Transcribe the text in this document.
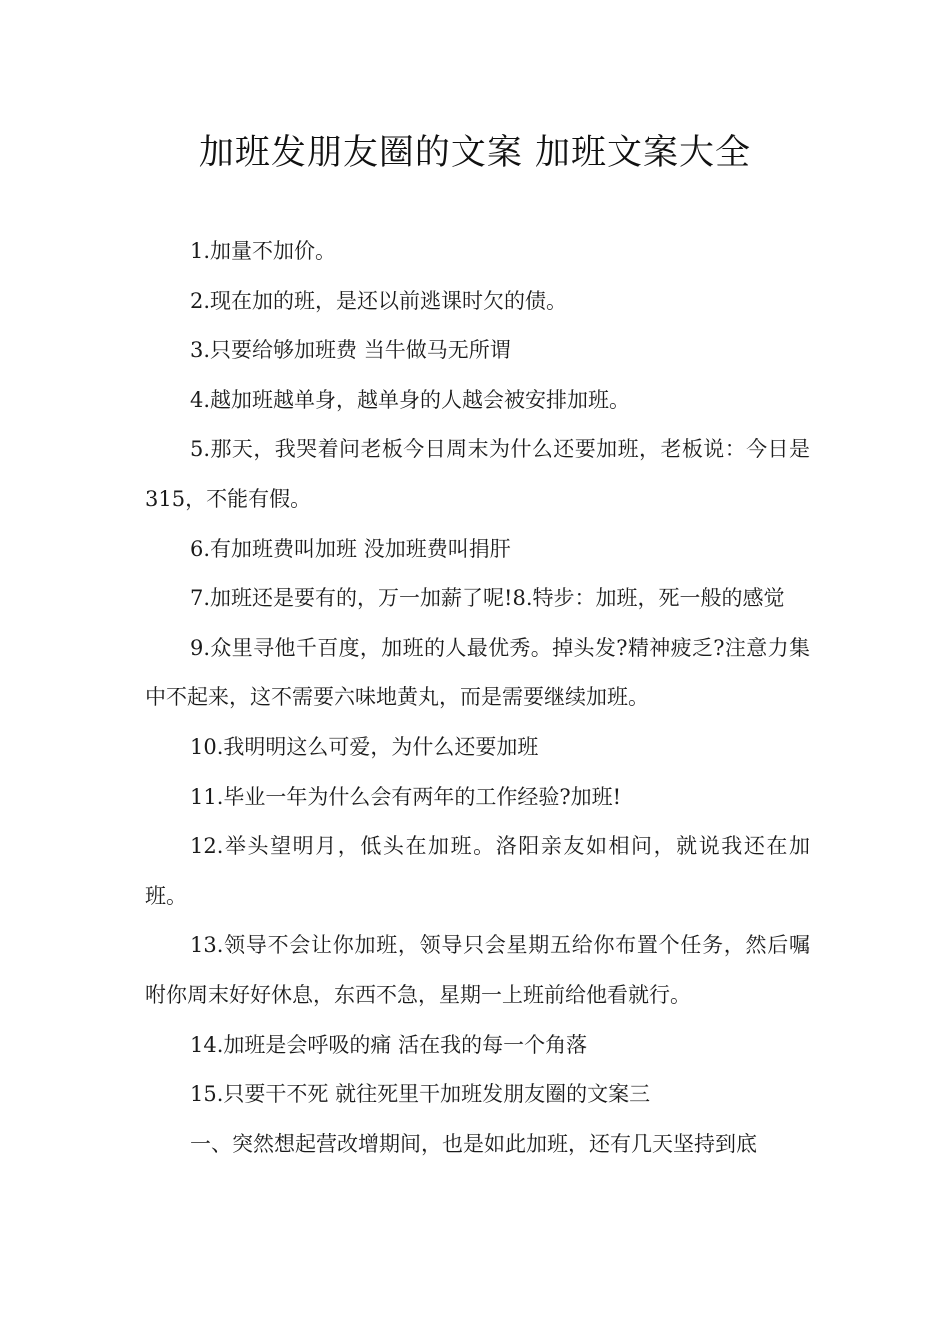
加班发朋友圈的文案 加班文案大全

1.加量不加价。

2.现在加的班，是还以前逃课时欠的债。

3.只要给够加班费 当牛做马无所谓

4.越加班越单身，越单身的人越会被安排加班。

5.那天，我哭着问老板今日周末为什么还要加班，老板说：今日是315，不能有假。

6.有加班费叫加班 没加班费叫捐肝

7.加班还是要有的，万一加薪了呢!8.特步：加班，死一般的感觉

9.众里寻他千百度，加班的人最优秀。掉头发?精神疲乏?注意力集中不起来，这不需要六味地黄丸，而是需要继续加班。

10.我明明这么可爱，为什么还要加班

11.毕业一年为什么会有两年的工作经验?加班!

12.举头望明月，低头在加班。洛阳亲友如相问，就说我还在加班。

13.领导不会让你加班，领导只会星期五给你布置个任务，然后嘱咐你周末好好休息，东西不急，星期一上班前给他看就行。

14.加班是会呼吸的痛 活在我的每一个角落

15.只要干不死 就往死里干加班发朋友圈的文案三

一、突然想起营改增期间，也是如此加班，还有几天坚持到底
